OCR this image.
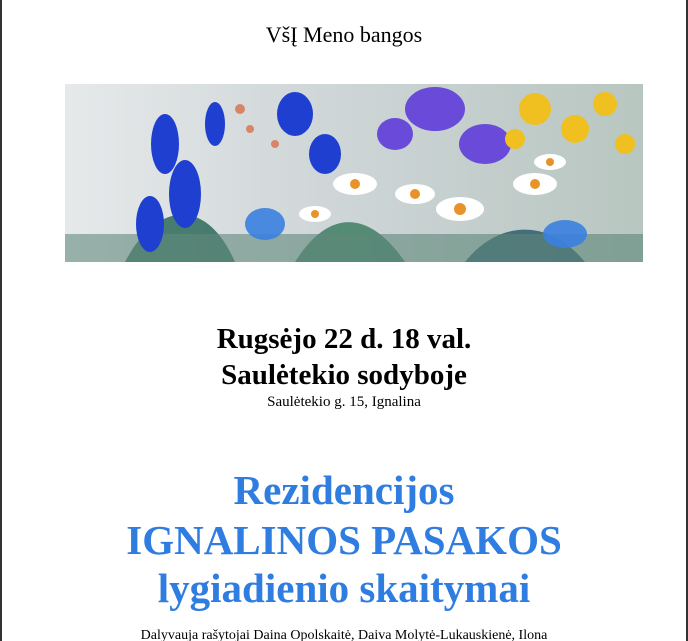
VšĮ Meno bangos
Rugsėjo 22 d. 18 val.
Saulėtekio sodyboje
Saulėtekio g. 15, Ignalina
Rezidencijos
IGNALINOS PASAKOS
lygiadienio skaitymai
Dalyvauja rašytojai Daina Opolskaitė, Daiva Molytė-Lukauskienė, Ilona
